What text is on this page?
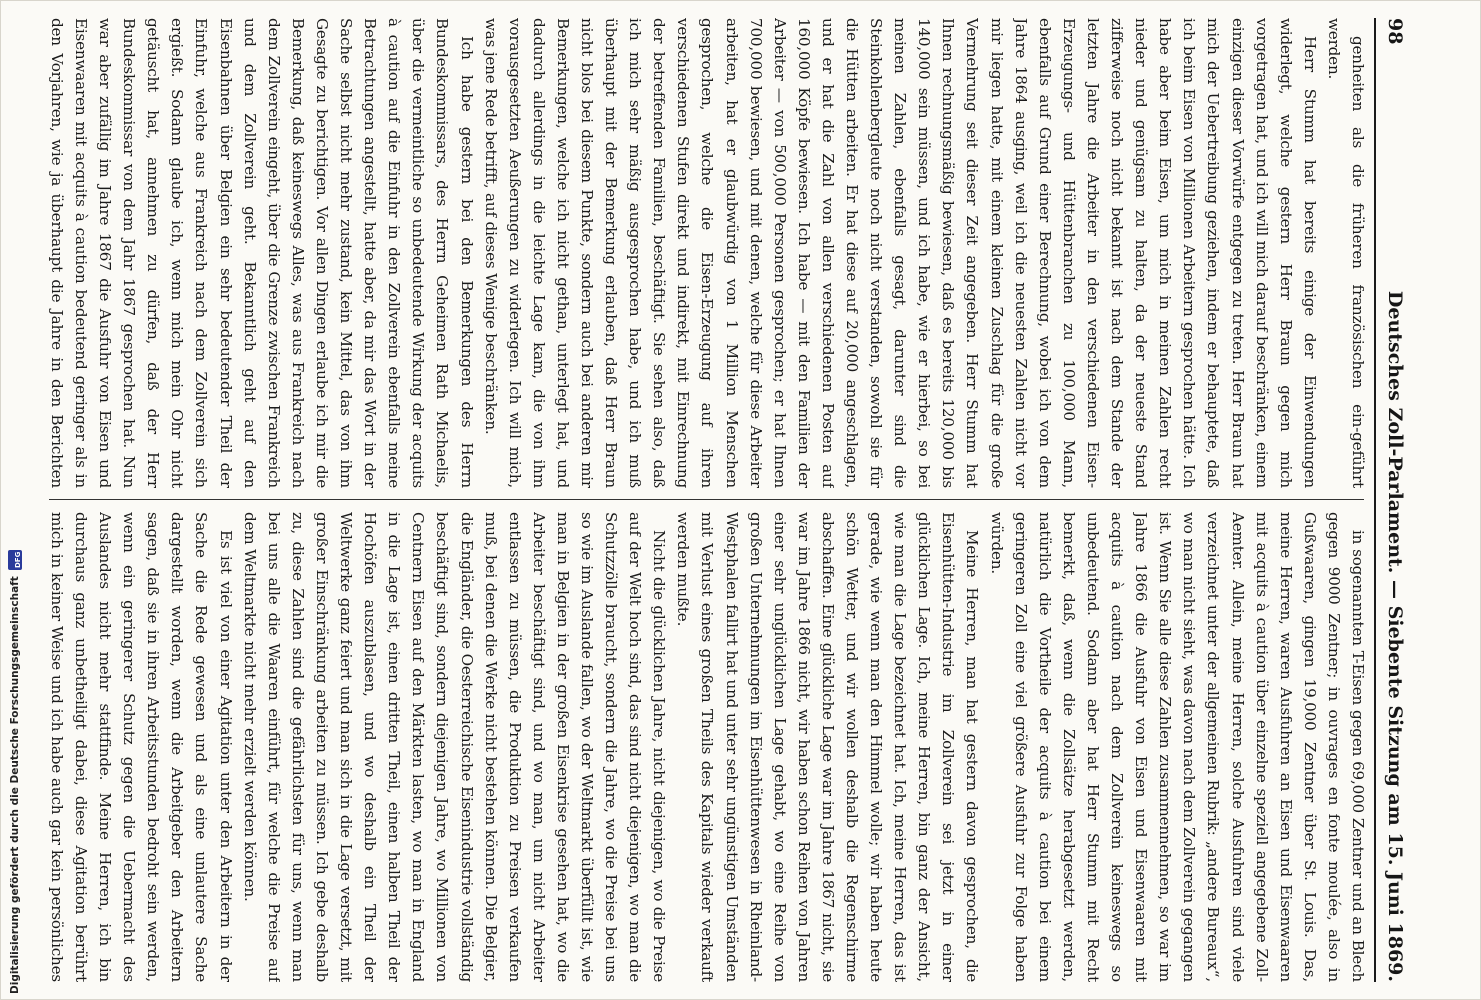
Digitalisierung gefördert durch die Deutsche Forschungsgemeinschaft
DFG
98
Deutsches Zoll-Parlament. — Siebente Sitzung am 15. Juni 1869.

genheiten als die früheren französischen ein-geführt werden.

Herr Stumm hat bereits einige der Einwendungen widerlegt, welche gestern Herr Braun gegen mich vorgetragen hat, und ich will mich darauf beschränken, einem einzigen dieser Vorwürfe entgegen zu treten. Herr Braun hat mich der Uebertreibung geziehen, indem er behauptete, daß ich beim Eisen von Millionen Arbeitern gesprochen hätte. Ich habe aber beim Eisen, um mich in meinen Zahlen recht nieder und genügsam zu halten, da der neueste Stand zifferweise noch nicht bekannt ist nach dem Stande der letzten Jahre die Arbeiter in den verschiedenen Eisen-Erzeugungs- und Hüttenbranchen zu 100,000 Mann, ebenfalls auf Grund einer Berechnung, wobei ich von dem Jahre 1864 ausging, weil ich die neuesten Zahlen nicht vor mir liegen hatte, mit einem kleinen Zuschlag für die große Vermehrung seit dieser Zeit angegeben. Herr Stumm hat Ihnen rechnungsmäßig bewiesen, daß es bereits 120,000 bis 140,000 sein müssen, und ich habe, wie er hierbei, so bei meinen Zahlen, ebenfalls gesagt, darunter sind die Steinkohlenbergleute noch nicht verstanden, sowohl sie für die Hütten arbeiten. Er hat diese auf 20,000 angeschlagen, und er hat die Zahl von allen verschiedenen Posten auf 160,000 Köpfe bewiesen. Ich habe — mit den Familien der Arbeiter — von 500,000 Personen gesprochen; er hat Ihnen 700,000 bewiesen, und mit denen, welche für diese Arbeiter arbeiten, hat er glaubwürdig von 1 Million Menschen gesprochen, welche die Eisen-Erzeugung auf ihren verschiedenen Stufen direkt und indirekt, mit Einrechnung der betreffenden Familien, beschäftigt. Sie sehen also, daß ich mich sehr mäßig ausgesprochen habe, und ich muß überhaupt mit der Bemerkung erlauben, daß Herr Braun nicht blos bei diesem Punkte, sondern auch bei anderen mir Bemerkungen, welche ich nicht gethan, unterlegt hat, und dadurch allerdings in die leichte Lage kam, die von ihm vorausgesetzten Aeußerungen zu widerlegen. Ich will mich, was jene Rede betrifft, auf dieses Wenige beschränken.

Ich habe gestern bei den Bemerkungen des Herrn Bundeskommissars, des Herrn Geheimen Rath Michaelis, über die vermeintliche so unbedeutende Wirkung der acquits à caution auf die Einfuhr in den Zollverein ebenfalls meine Betrachtungen angestellt, hatte aber, da mir das Wort in der Sache selbst nicht mehr zustand, kein Mittel, das von ihm Gesagte zu berichtigen. Vor allen Dingen erlaube ich mir die Bemerkung, daß keineswegs Alles, was aus Frankreich nach dem Zollverein eingeht, über die Grenze zwischen Frankreich und dem Zollverein geht. Bekanntlich geht auf den Eisenbahnen über Belgien ein sehr bedeutender Theil der Einfuhr, welche aus Frankreich nach dem Zollverein sich ergießt. Sodann glaube ich, wenn mich mein Ohr nicht getäuscht hat, annehmen zu dürfen, daß der Herr Bundeskommissar von dem Jahr 1867 gesprochen hat. Nun war aber zufällig im Jahre 1867 die Ausfuhr von Eisen und Eisenwaaren mit acquits à caution bedeutend geringer als in den Vorjahren, wie ja überhaupt die Jahre in den Berichten

in sogenannten T-Eisen gegen 69,000 Zentner und an Blech gegen 9000 Zentner; in ouvrages en fonte moulée, also in Gußwaaren, gingen 19,000 Zentner über St. Louis. Das, meine Herren, waren Ausfuhren an Eisen und Eisenwaaren mit acquits à caution über einzelne speziell angegebene Zoll-Aemter. Allein, meine Herren, solche Ausfuhren sind viele verzeichnet unter der allgemeinen Rubrik: „andere Bureaux“, wo man nicht sieht, was davon nach dem Zollverein gegangen ist. Wenn Sie alle diese Zahlen zusammennehmen, so war im Jahre 1866 die Ausfuhr von Eisen und Eisenwaaren mit acquits à caution nach dem Zollverein keineswegs so unbedeutend. Sodann aber hat Herr Stumm mit Recht bemerkt, daß, wenn die Zollsätze herabgesetzt werden, natürlich die Vortheile der acquits à caution bei einem geringeren Zoll eine viel größere Ausfuhr zur Folge haben würden.

Meine Herren, man hat gestern davon gesprochen, die Eisenhütten-Industrie im Zollverein sei jetzt in einer glücklichen Lage. Ich, meine Herren, bin ganz der Ansicht, wie man die Lage bezeichnet hat. Ich, meine Herren, das ist gerade, wie wenn man den Himmel wolle; wir haben heute schön Wetter, und wir wollen deshalb die Regenschirme abschaffen. Eine glückliche Lage war im Jahre 1867 nicht, sie war im Jahre 1866 nicht, wir haben schon Reihen von Jahren einer sehr unglücklichen Lage gehabt, wo eine Reihe von großen Unternehmungen im Eisenhüttenwesen in Rheinland-Westphalen fallirt hat und unter sehr ungünstigen Umständen mit Verlust eines großen Theils des Kapitals wieder verkauft werden mußte.

Nicht die glücklichen Jahre, nicht diejenigen, wo die Preise auf der Welt hoch sind, das sind nicht diejenigen, wo man die Schutzzölle braucht, sondern die Jahre, wo die Preise bei uns so wie im Auslande fallen, wo der Weltmarkt überfüllt ist, wie man in Belgien in der großen Eisenkrise gesehen hat, wo die Arbeiter beschäftigt sind, und wo man, um nicht Arbeiter entlassen zu müssen, die Produktion zu Preisen verkaufen muß, bei denen die Werke nicht bestehen können. Die Belgier, die Engländer, die Oesterreichische Eisenindustrie vollständig beschäftigt sind, sondern diejenigen Jahre, wo Millionen von Centnern Eisen auf den Märkten lasten, wo man in England in die Lage ist, einen dritten Theil, einen halben Theil der Hochöfen auszublasen, und wo deshalb ein Theil der Weltwerke ganz feiert und man sich in die Lage versetzt, mit großer Einschränkung arbeiten zu müssen. Ich gebe deshalb zu, diese Zahlen sind die gefährlichsten für uns, wenn man bei uns alle die Waaren einführt, für welche die Preise auf dem Weltmarkte nicht mehr erzielt werden können.

Es ist viel von einer Agitation unter den Arbeitern in der Sache die Rede gewesen und als eine unlautere Sache dargestellt worden, wenn die Arbeitgeber den Arbeitern sagen, daß sie in ihren Arbeitsstunden bedroht sein werden, wenn ein geringerer Schutz gegen die Uebermacht des Auslandes nicht mehr stattfinde. Meine Herren, ich bin durchaus ganz unbetheiligt dabei, diese Agitation berührt mich in keiner Weise und ich habe auch gar kein persönliches
